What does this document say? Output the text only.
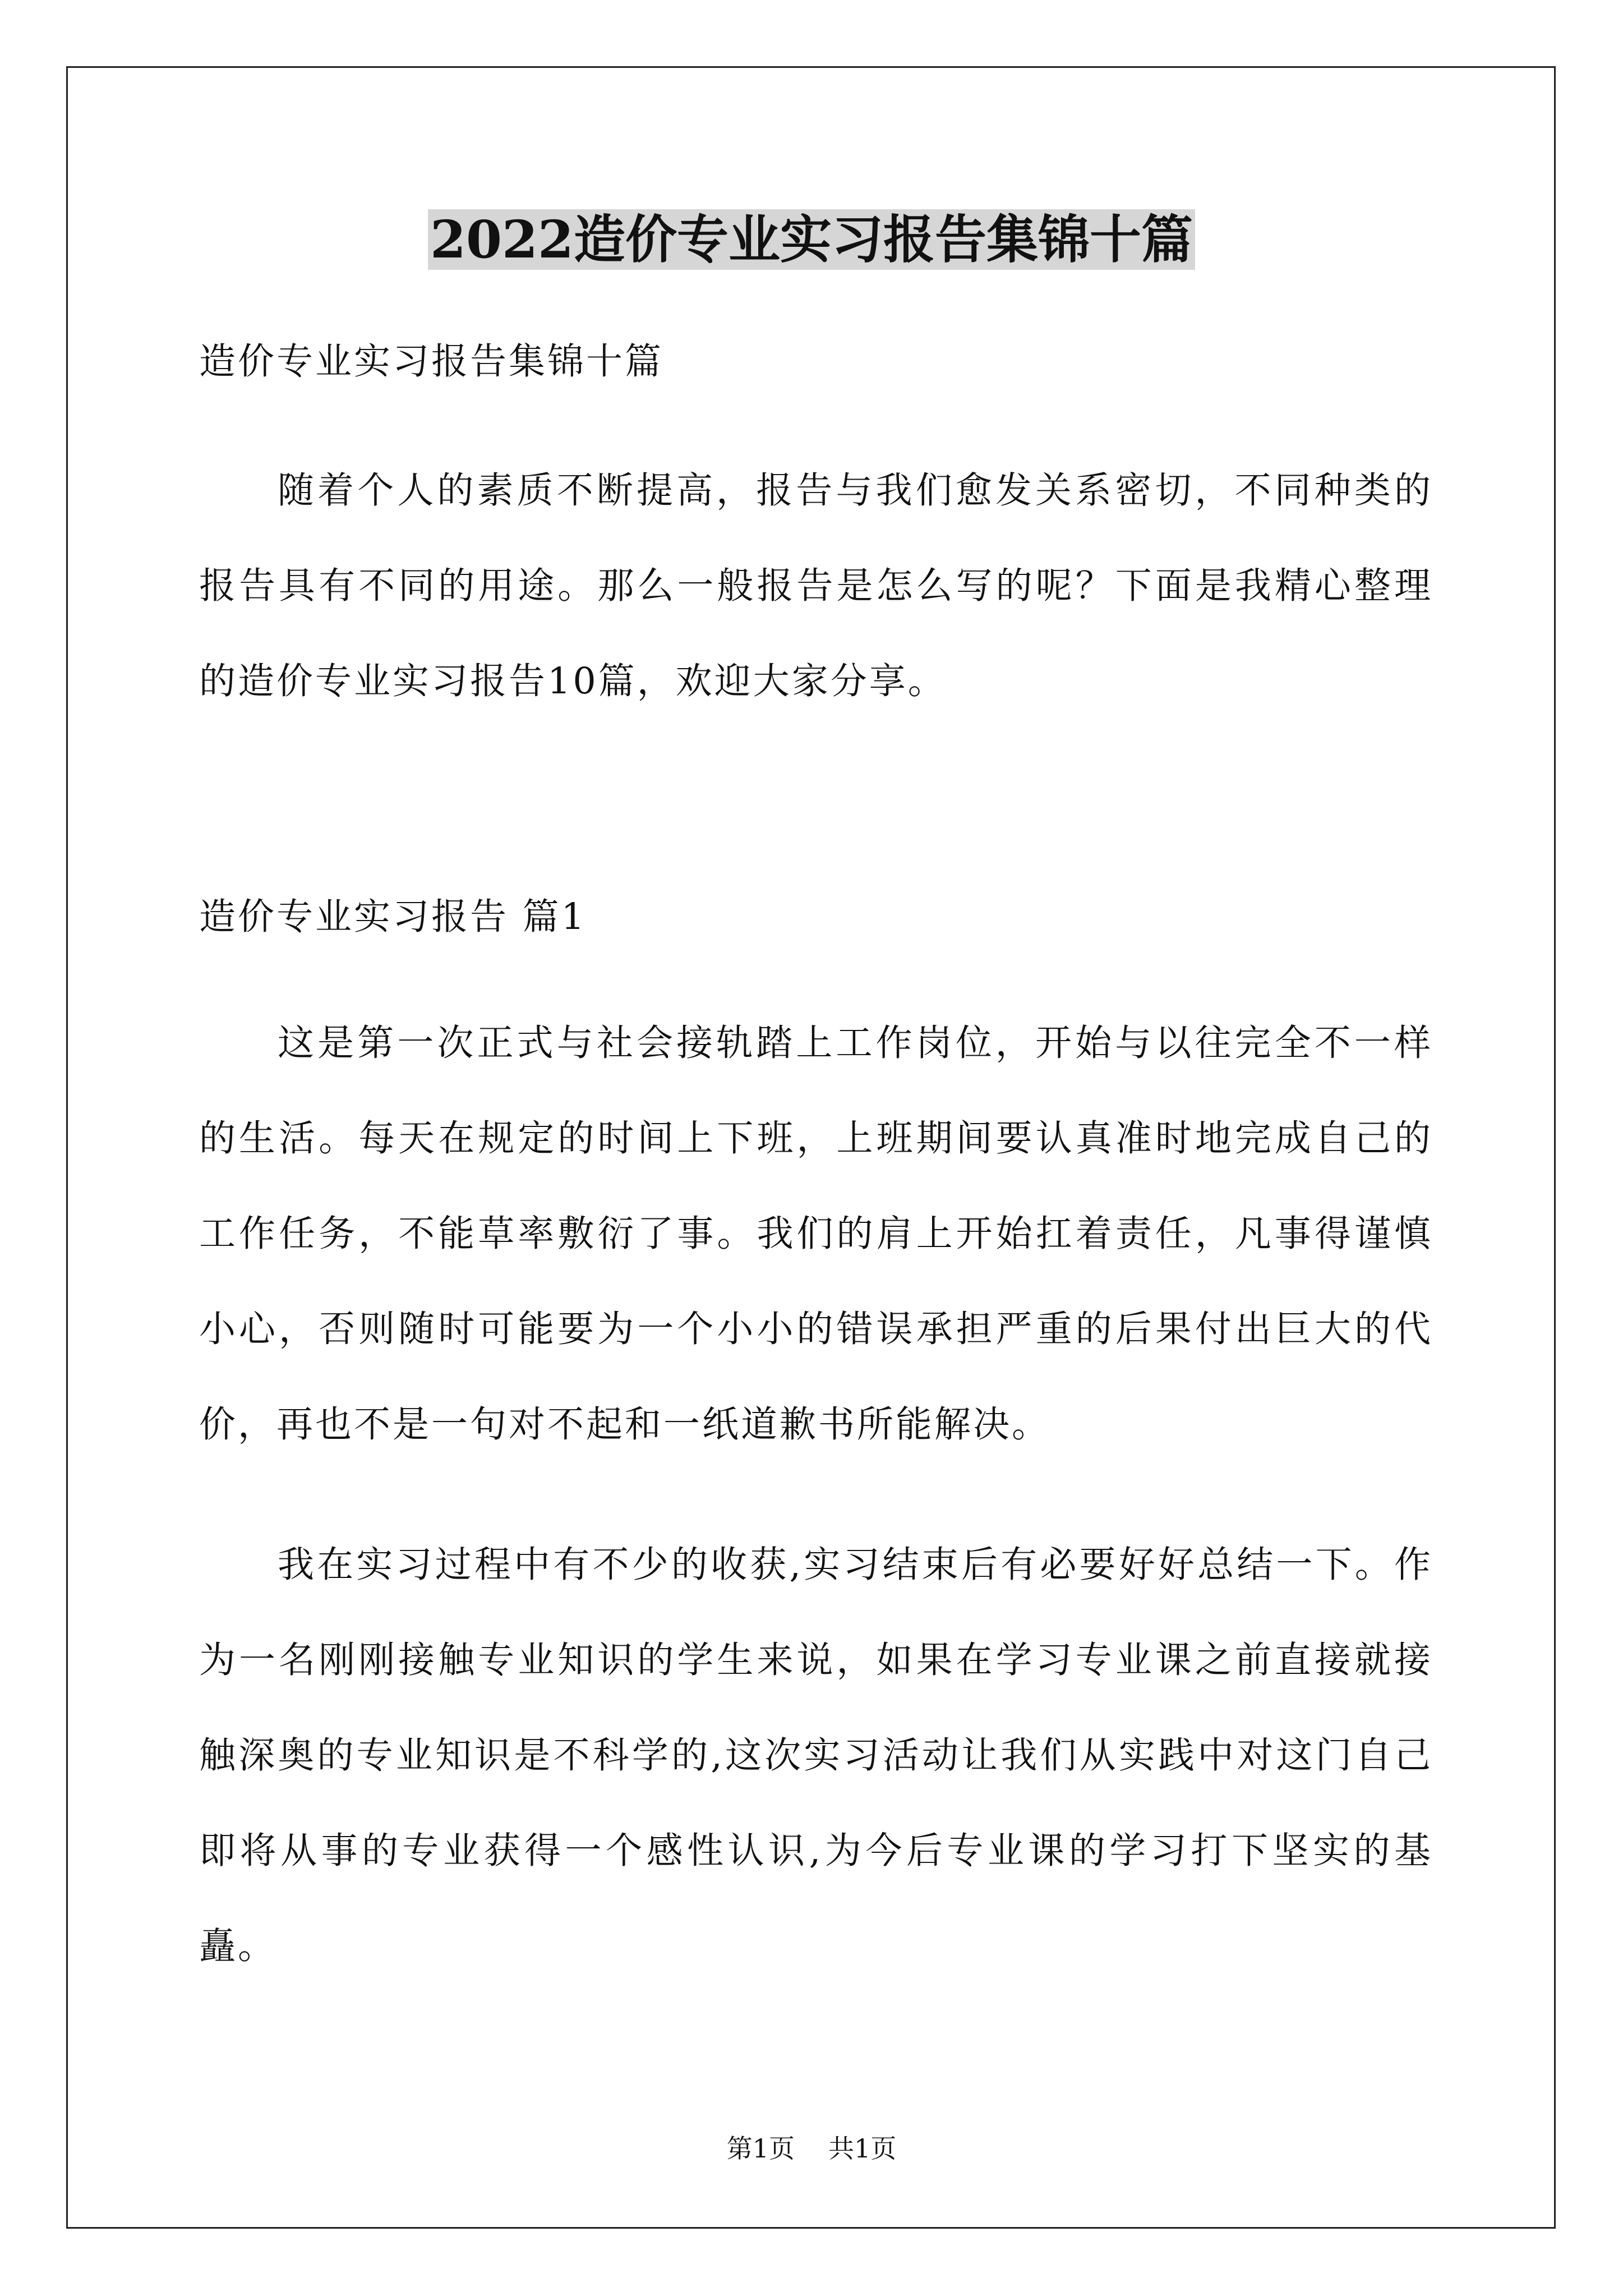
2022造价专业实习报告集锦十篇

造价专业实习报告集锦十篇

随着个人的素质不断提高，报告与我们愈发关系密切，不同种类的报告具有不同的用途。那么一般报告是怎么写的呢？下面是我精心整理的造价专业实习报告10篇，欢迎大家分享。

造价专业实习报告 篇1

这是第一次正式与社会接轨踏上工作岗位，开始与以往完全不一样的生活。每天在规定的时间上下班，上班期间要认真准时地完成自己的工作任务，不能草率敷衍了事。我们的肩上开始扛着责任，凡事得谨慎小心，否则随时可能要为一个小小的错误承担严重的后果付出巨大的代价，再也不是一句对不起和一纸道歉书所能解决。

我在实习过程中有不少的收获,实习结束后有必要好好总结一下。作为一名刚刚接触专业知识的学生来说，如果在学习专业课之前直接就接触深奥的专业知识是不科学的,这次实习活动让我们从实践中对这门自己即将从事的专业获得一个感性认识,为今后专业课的学习打下坚实的基矗。

第1页 共1页
